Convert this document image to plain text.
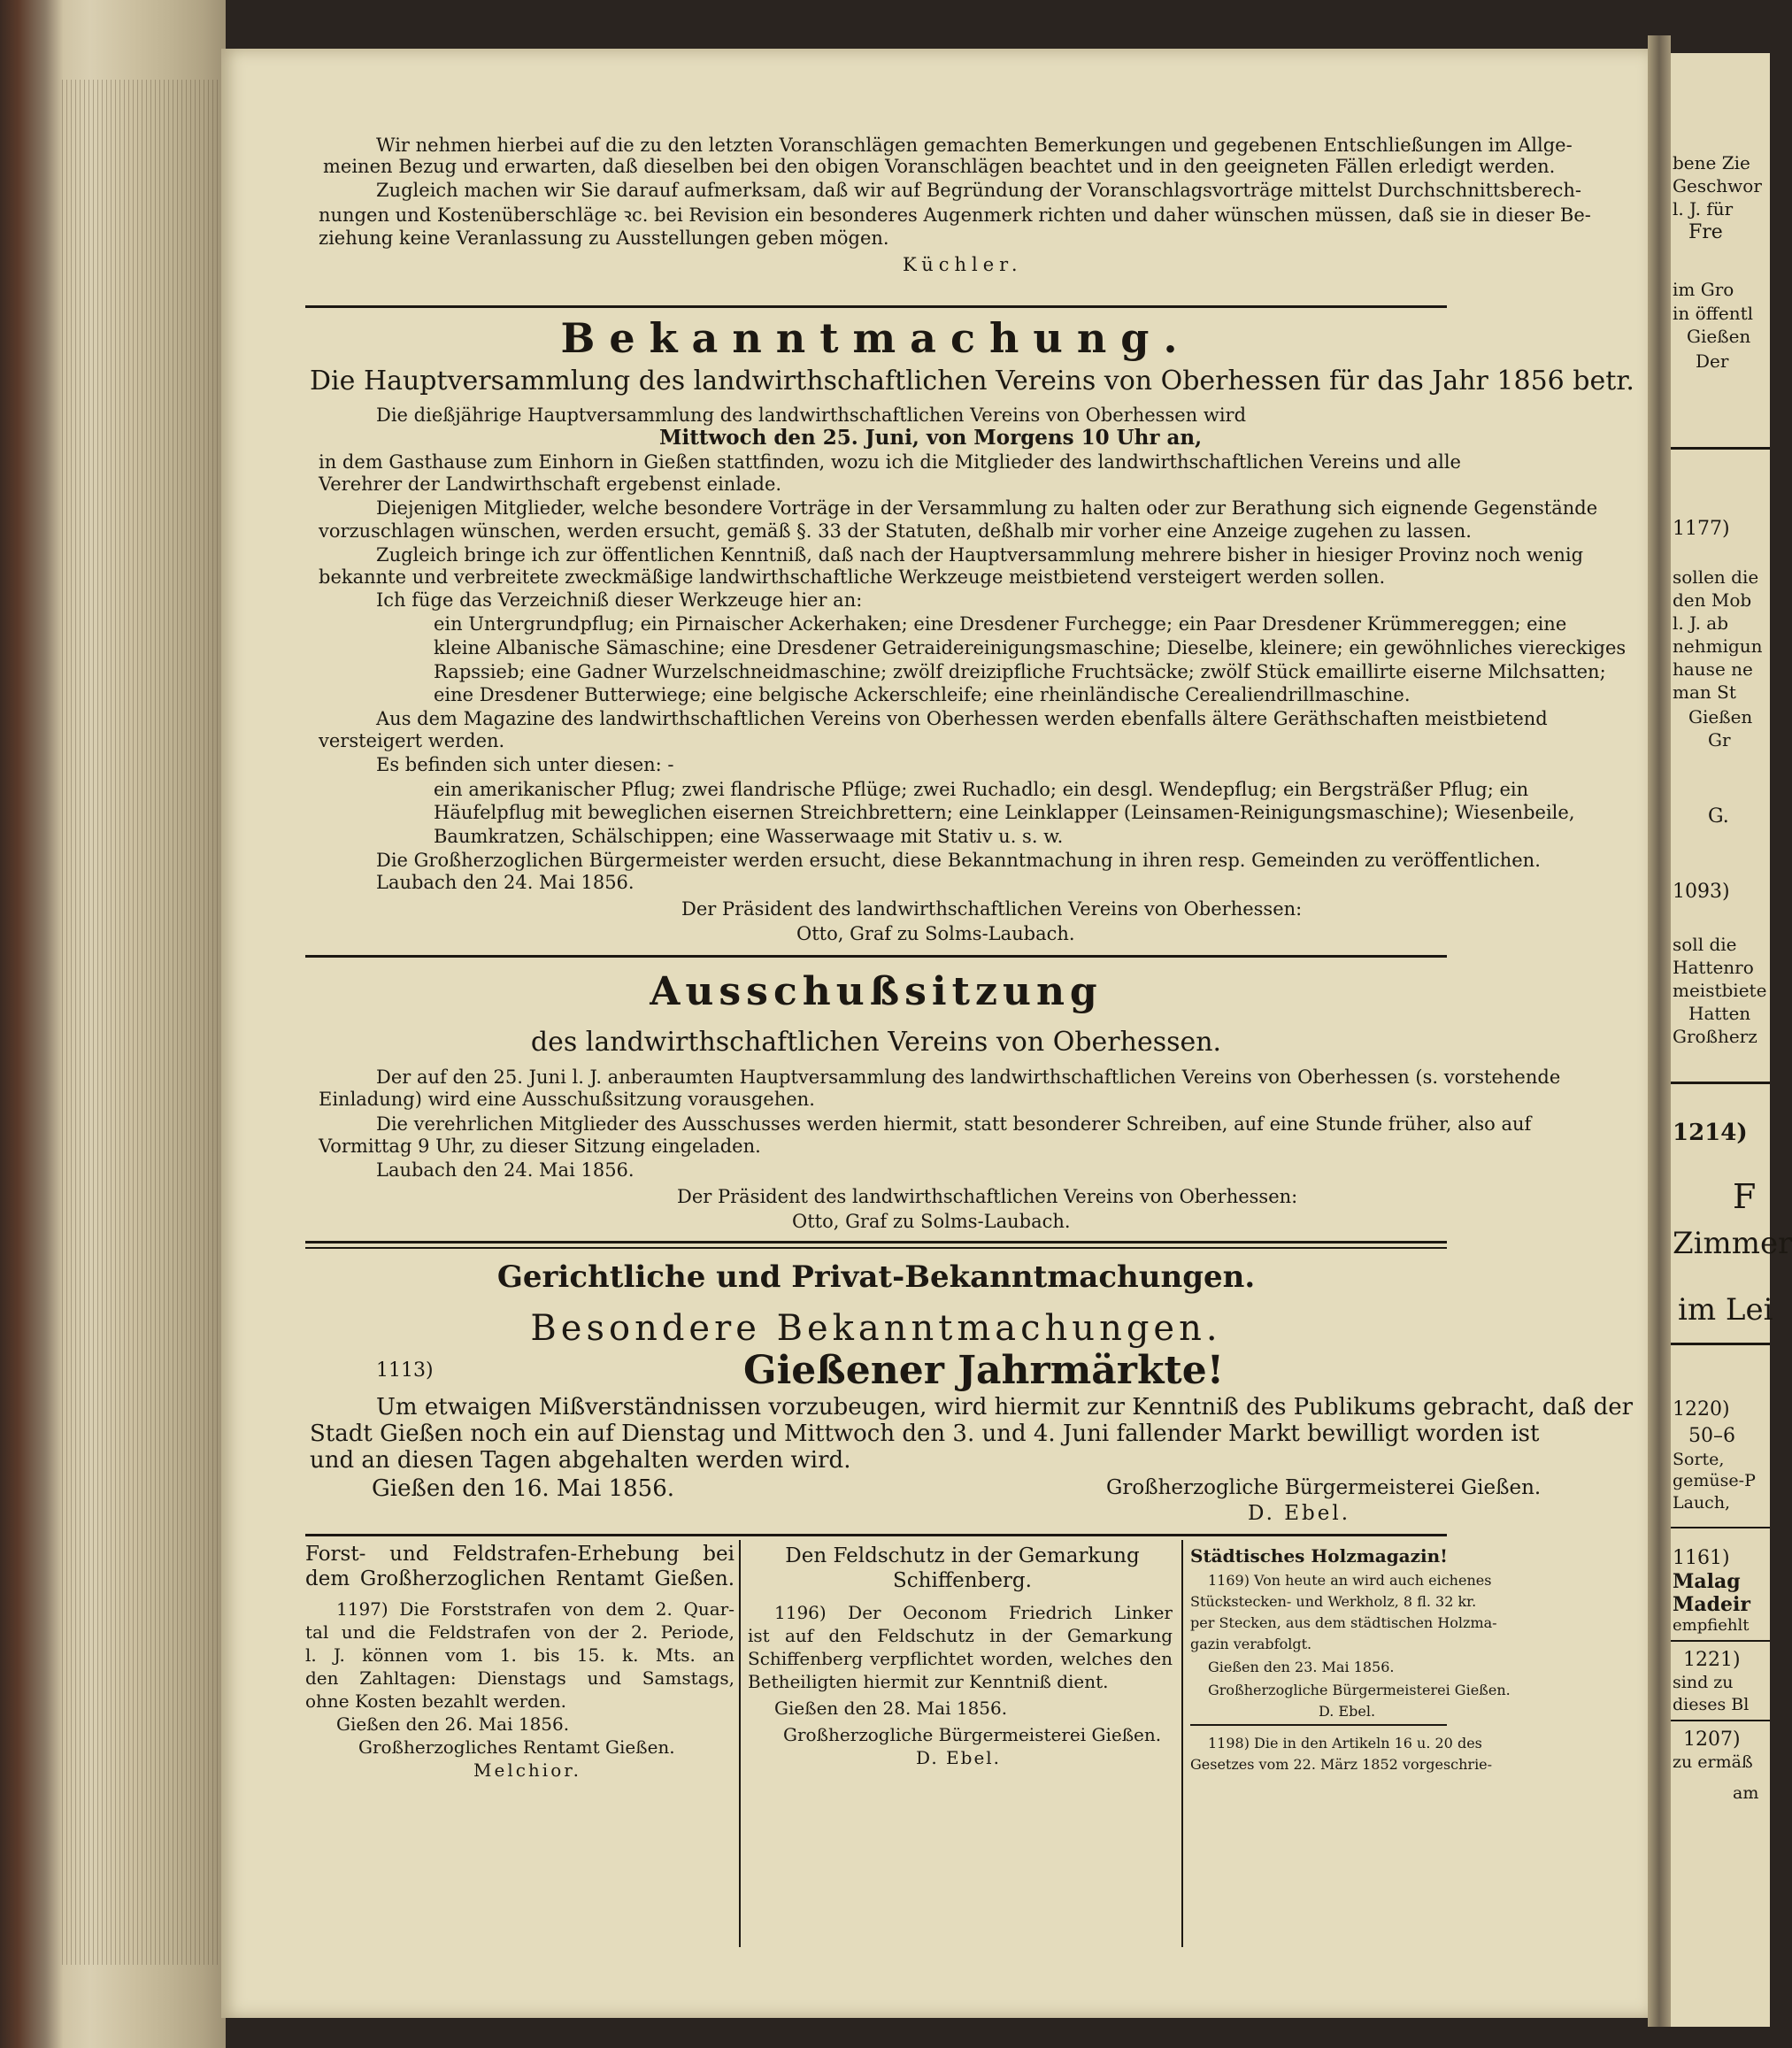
Wir nehmen hierbei auf die zu den letzten Voranschlägen gemachten Bemerkungen und gegebenen Entschließungen im Allge-
meinen Bezug und erwarten, daß dieselben bei den obigen Voranschlägen beachtet und in den geeigneten Fällen erledigt werden.
Zugleich machen wir Sie darauf aufmerksam, daß wir auf Begründung der Voranschlagsvorträge mittelst Durchschnittsberech-
nungen und Kostenüberschläge ꝛc. bei Revision ein besonderes Augenmerk richten und daher wünschen müssen, daß sie in dieser Be-
ziehung keine Veranlassung zu Ausstellungen geben mögen.
Küchler.
Bekanntmachung.
Die Hauptversammlung des landwirthschaftlichen Vereins von Oberhessen für das Jahr 1856 betr.
Die dießjährige Hauptversammlung des landwirthschaftlichen Vereins von Oberhessen wird
Mittwoch den 25. Juni, von Morgens 10 Uhr an,
in dem Gasthause zum Einhorn in Gießen stattfinden, wozu ich die Mitglieder des landwirthschaftlichen Vereins und alle
Verehrer der Landwirthschaft ergebenst einlade.
Diejenigen Mitglieder, welche besondere Vorträge in der Versammlung zu halten oder zur Berathung sich eignende Gegenstände
vorzuschlagen wünschen, werden ersucht, gemäß §. 33 der Statuten, deßhalb mir vorher eine Anzeige zugehen zu lassen.
Zugleich bringe ich zur öffentlichen Kenntniß, daß nach der Hauptversammlung mehrere bisher in hiesiger Provinz noch wenig
bekannte und verbreitete zweckmäßige landwirthschaftliche Werkzeuge meistbietend versteigert werden sollen.
Ich füge das Verzeichniß dieser Werkzeuge hier an:
ein Untergrundpflug; ein Pirnaischer Ackerhaken; eine Dresdener Furchegge; ein Paar Dresdener Krümmereggen; eine
kleine Albanische Sämaschine; eine Dresdener Getraidereinigungsmaschine; Dieselbe, kleinere; ein gewöhnliches viereckiges
Rapssieb; eine Gadner Wurzelschneidmaschine; zwölf dreizipfliche Fruchtsäcke; zwölf Stück emaillirte eiserne Milchsatten;
eine Dresdener Butterwiege; eine belgische Ackerschleife; eine rheinländische Cerealiendrillmaschine.
Aus dem Magazine des landwirthschaftlichen Vereins von Oberhessen werden ebenfalls ältere Geräthschaften meistbietend
versteigert werden.
Es befinden sich unter diesen: -
ein amerikanischer Pflug; zwei flandrische Pflüge; zwei Ruchadlo; ein desgl. Wendepflug; ein Bergsträßer Pflug; ein
Häufelpflug mit beweglichen eisernen Streichbrettern; eine Leinklapper (Leinsamen-Reinigungsmaschine); Wiesenbeile,
Baumkratzen, Schälschippen; eine Wasserwaage mit Stativ u. s. w.
Die Großherzoglichen Bürgermeister werden ersucht, diese Bekanntmachung in ihren resp. Gemeinden zu veröffentlichen.
Laubach den 24. Mai 1856.
Der Präsident des landwirthschaftlichen Vereins von Oberhessen:
Otto, Graf zu Solms-Laubach.
Ausschußsitzung
des landwirthschaftlichen Vereins von Oberhessen.
Der auf den 25. Juni l. J. anberaumten Hauptversammlung des landwirthschaftlichen Vereins von Oberhessen (s. vorstehende
Einladung) wird eine Ausschußsitzung vorausgehen.
Die verehrlichen Mitglieder des Ausschusses werden hiermit, statt besonderer Schreiben, auf eine Stunde früher, also auf
Vormittag 9 Uhr, zu dieser Sitzung eingeladen.
Laubach den 24. Mai 1856.
Der Präsident des landwirthschaftlichen Vereins von Oberhessen:
Otto, Graf zu Solms-Laubach.
Gerichtliche und Privat-Bekanntmachungen.
Besondere Bekanntmachungen.
1113)	Gießener Jahrmärkte!
Um etwaigen Mißverständnissen vorzubeugen, wird hiermit zur Kenntniß des Publikums gebracht, daß der
Stadt Gießen noch ein auf Dienstag und Mittwoch den 3. und 4. Juni fallender Markt bewilligt worden ist
und an diesen Tagen abgehalten werden wird.
Gießen den 16. Mai 1856.	Großherzogliche Bürgermeisterei Gießen.
D. Ebel.
Forst- und Feldstrafen-Erhebung bei
dem Großherzoglichen Rentamt Gießen.
1197) Die Forststrafen von dem 2. Quar-
tal und die Feldstrafen von der 2. Periode,
l. J. können vom 1. bis 15. k. Mts. an
den Zahltagen: Dienstags und Samstags,
ohne Kosten bezahlt werden.
Gießen den 26. Mai 1856.
Großherzogliches Rentamt Gießen.
Melchior.
Den Feldschutz in der Gemarkung
Schiffenberg.
1196) Der Oeconom Friedrich Linker
ist auf den Feldschutz in der Gemarkung
Schiffenberg verpflichtet worden, welches den
Betheiligten hiermit zur Kenntniß dient.
Gießen den 28. Mai 1856.
Großherzogliche Bürgermeisterei Gießen.
D. Ebel.
Städtisches Holzmagazin!
1169) Von heute an wird auch eichenes
Stückstecken- und Werkholz, 8 fl. 32 kr.
per Stecken, aus dem städtischen Holzma-
gazin verabfolgt.
Gießen den 23. Mai 1856.
Großherzogliche Bürgermeisterei Gießen.
D. Ebel.
1198) Die in den Artikeln 16 u. 20 des
Gesetzes vom 22. März 1852 vorgeschrie-
bene Zie
Geschwor
l. J. für
Fre
im Gro
in öffentl
Gießen
Der
1177)
sollen die
den Mob
l. J. ab
nehmigun
hause ne
man St
Gießen
Gr
G.
1093)
soll die
Hattenro
meistbiete
Hatten
Großherz
1214)
F
Zimmer
im Lei
1220)
50–6
Sorte,
gemüse-P
Lauch,
1161)
Malag
Madeir
empfiehlt
1221)
sind zu
dieses Bl
1207)
zu ermäß
am
